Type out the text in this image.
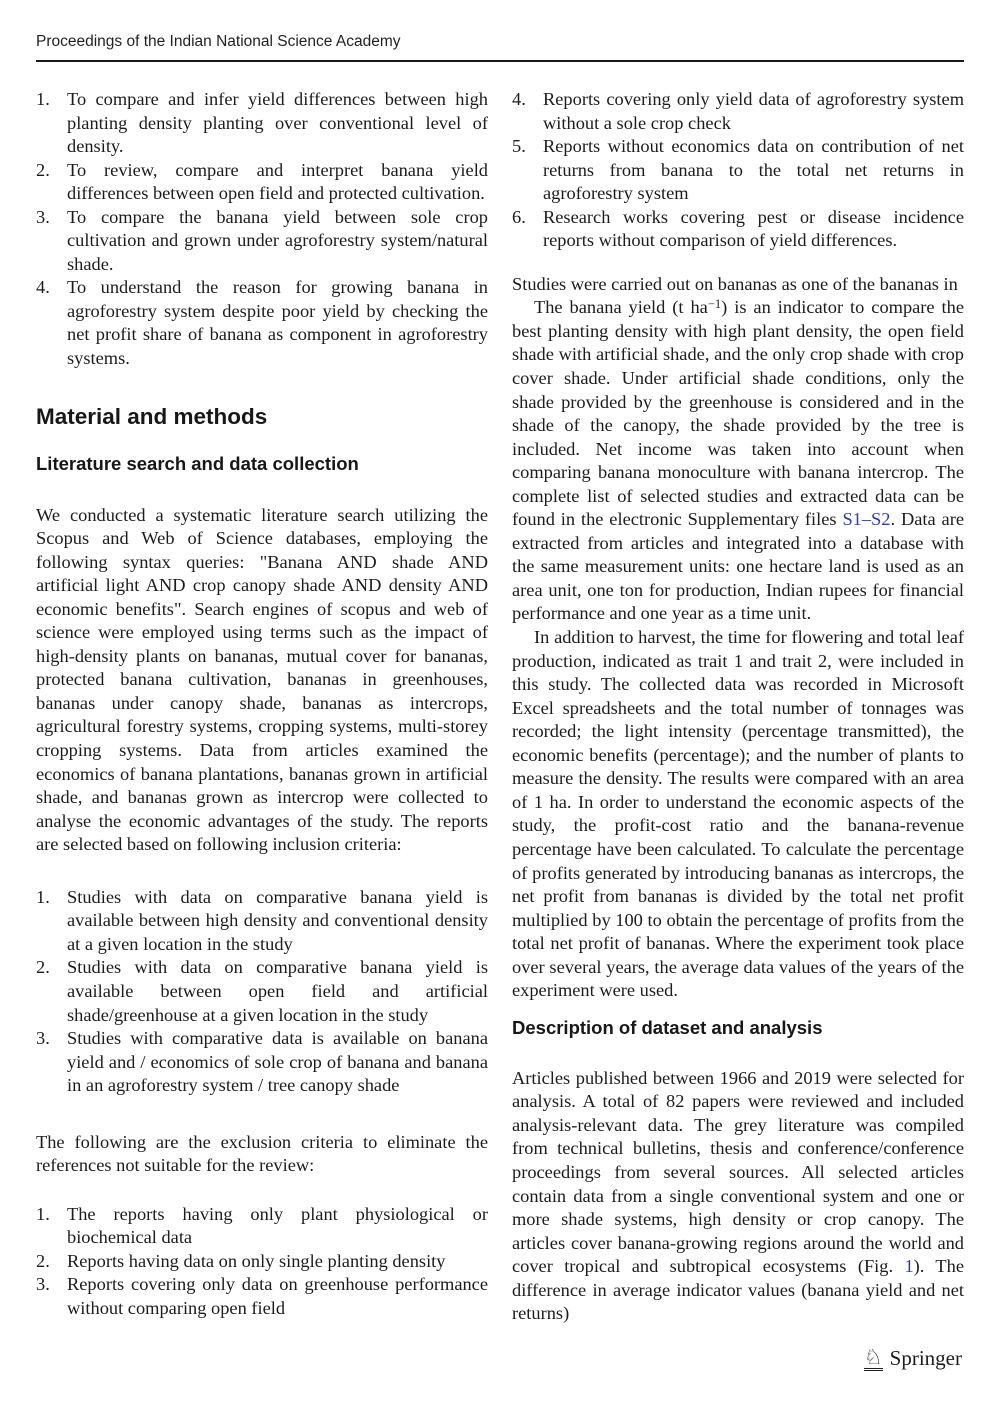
Proceedings of the Indian National Science Academy
1. To compare and infer yield differences between high planting density planting over conventional level of density.
2. To review, compare and interpret banana yield differences between open field and protected cultivation.
3. To compare the banana yield between sole crop cultivation and grown under agroforestry system/natural shade.
4. To understand the reason for growing banana in agroforestry system despite poor yield by checking the net profit share of banana as component in agroforestry systems.
Material and methods
Literature search and data collection

We conducted a systematic literature search utilizing the Scopus and Web of Science databases, employing the following syntax queries: "Banana AND shade AND artificial light AND crop canopy shade AND density AND economic benefits". Search engines of scopus and web of science were employed using terms such as the impact of high-density plants on bananas, mutual cover for bananas, protected banana cultivation, bananas in greenhouses, bananas under canopy shade, bananas as intercrops, agricultural forestry systems, cropping systems, multi-storey cropping systems. Data from articles examined the economics of banana plantations, bananas grown in artificial shade, and bananas grown as intercrop were collected to analyse the economic advantages of the study. The reports are selected based on following inclusion criteria:

1. Studies with data on comparative banana yield is available between high density and conventional density at a given location in the study
2. Studies with data on comparative banana yield is available between open field and artificial shade/greenhouse at a given location in the study
3. Studies with comparative data is available on banana yield and / economics of sole crop of banana and banana in an agroforestry system / tree canopy shade

The following are the exclusion criteria to eliminate the references not suitable for the review:

1. The reports having only plant physiological or biochemical data
2. Reports having data on only single planting density
3. Reports covering only data on greenhouse performance without comparing open field
4. Reports covering only yield data of agroforestry system without a sole crop check
5. Reports without economics data on contribution of net returns from banana to the total net returns in agroforestry system
6. Research works covering pest or disease incidence reports without comparison of yield differences.

Studies were carried out on bananas as one of the bananas in

The banana yield (t $ha^{-1}$) is an indicator to compare the best planting density with high plant density, the open field shade with artificial shade, and the only crop shade with crop cover shade. Under artificial shade conditions, only the shade provided by the greenhouse is considered and in the shade of the canopy, the shade provided by the tree is included. Net income was taken into account when comparing banana monoculture with banana intercrop. The complete list of selected studies and extracted data can be found in the electronic Supplementary files S1–S2. Data are extracted from articles and integrated into a database with the same measurement units: one hectare land is used as an area unit, one ton for production, Indian rupees for financial performance and one year as a time unit.

In addition to harvest, the time for flowering and total leaf production, indicated as trait 1 and trait 2, were included in this study. The collected data was recorded in Microsoft Excel spreadsheets and the total number of tonnages was recorded; the light intensity (percentage transmitted), the economic benefits (percentage); and the number of plants to measure the density. The results were compared with an area of 1 ha. In order to understand the economic aspects of the study, the profit-cost ratio and the banana-revenue percentage have been calculated. To calculate the percentage of profits generated by introducing bananas as intercrops, the net profit from bananas is divided by the total net profit multiplied by 100 to obtain the percentage of profits from the total net profit of bananas. Where the experiment took place over several years, the average data values of the years of the experiment were used.

Description of dataset and analysis

Articles published between 1966 and 2019 were selected for analysis. A total of 82 papers were reviewed and included analysis-relevant data. The grey literature was compiled from technical bulletins, thesis and conference/conference proceedings from several sources. All selected articles contain data from a single conventional system and one or more shade systems, high density or crop canopy. The articles cover banana-growing regions around the world and cover tropical and subtropical ecosystems (Fig. 1). The difference in average indicator values (banana yield and net returns)

♘ Springer
